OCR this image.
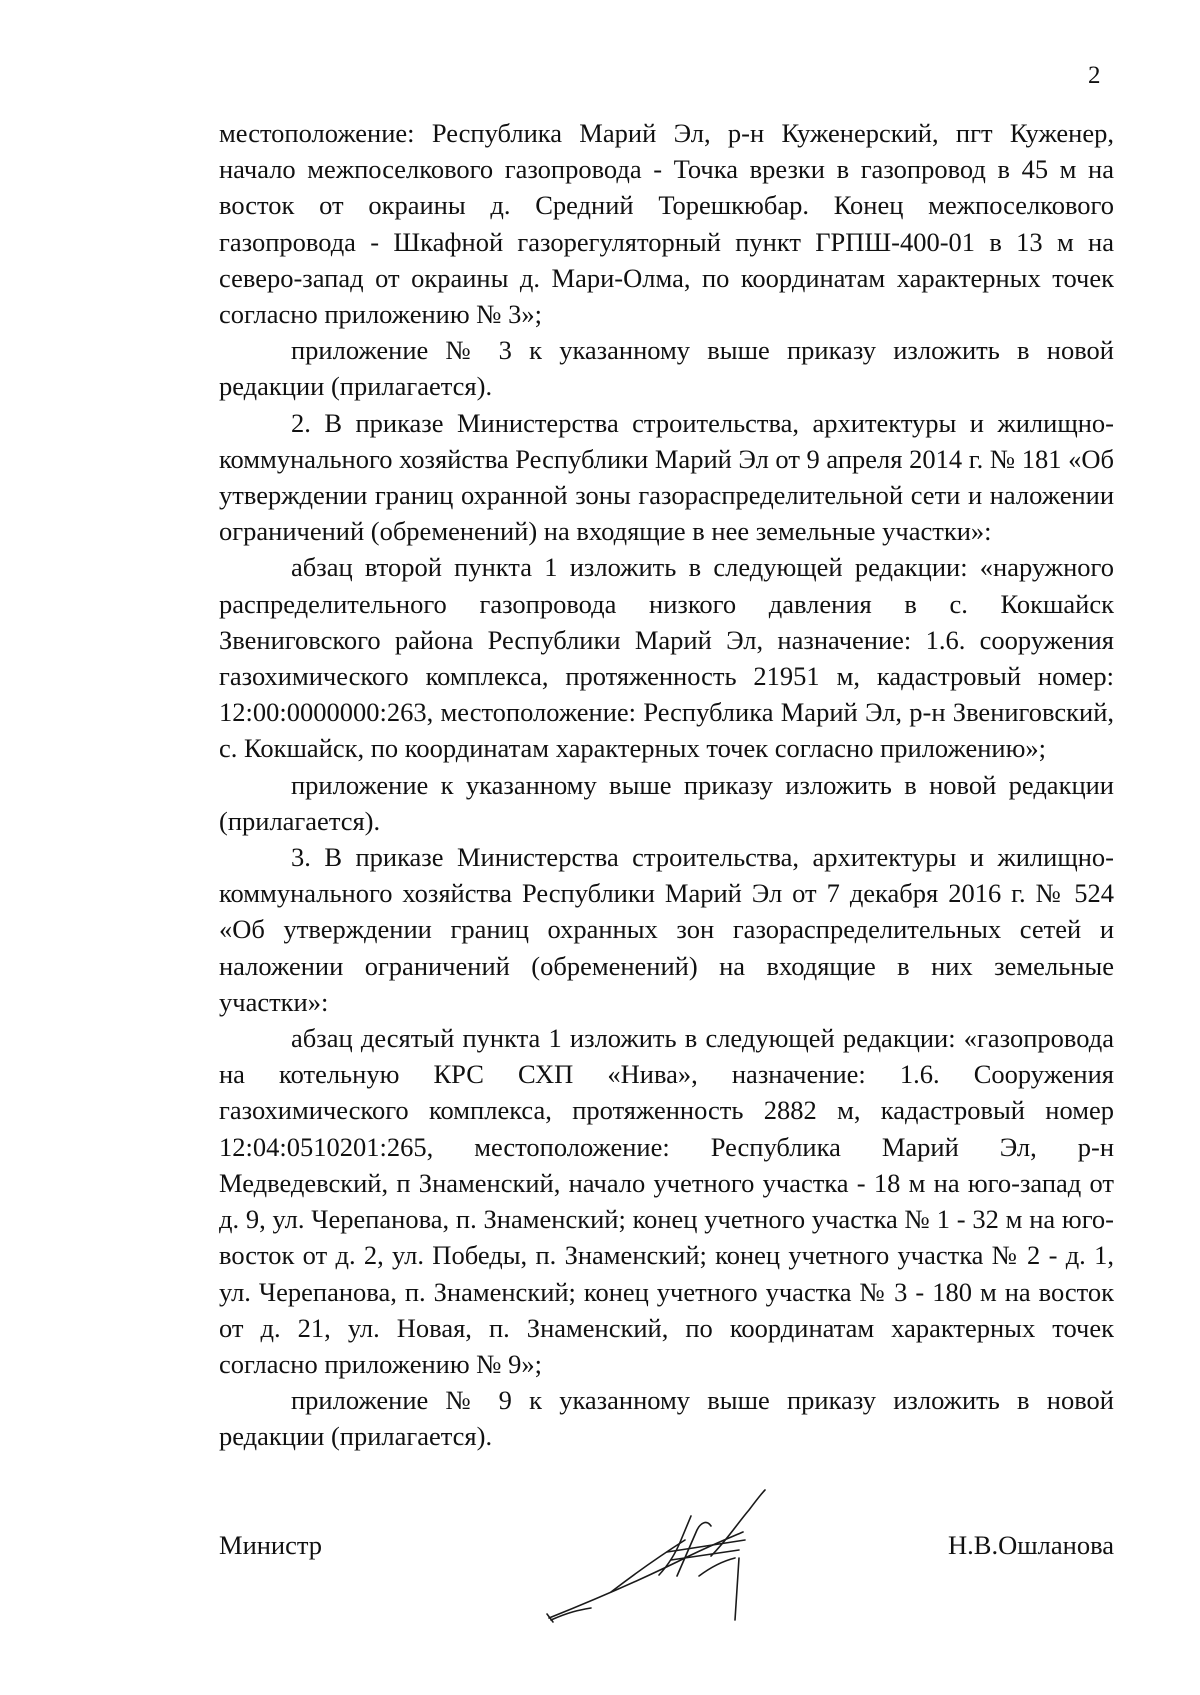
2

местоположение: Республика Марий Эл, р-н Куженерский, пгт Куженер, начало межпоселкового газопровода - Точка врезки в газопровод в 45 м на восток от окраины д. Средний Торешкюбар. Конец межпоселкового газопровода - Шкафной газорегуляторный пункт ГРПШ-400-01 в 13 м на северо-запад от окраины д. Мари-Олма, по координатам характерных точек согласно приложению № 3»;

приложение № 3 к указанному выше приказу изложить в новой редакции (прилагается).

2. В приказе Министерства строительства, архитектуры и жилищно-коммунального хозяйства Республики Марий Эл от 9 апреля 2014 г. № 181 «Об утверждении границ охранной зоны газораспределительной сети и наложении ограничений (обременений) на входящие в нее земельные участки»:

абзац второй пункта 1 изложить в следующей редакции: «наружного распределительного газопровода низкого давления в с. Кокшайск Звениговского района Республики Марий Эл, назначение: 1.6. сооружения газохимического комплекса, протяженность 21951 м, кадастровый номер: 12:00:0000000:263, местоположение: Республика Марий Эл, р-н Звениговский, с. Кокшайск, по координатам характерных точек согласно приложению»;

приложение к указанному выше приказу изложить в новой редакции (прилагается).

3. В приказе Министерства строительства, архитектуры и жилищно-коммунального хозяйства Республики Марий Эл от 7 декабря 2016 г. № 524 «Об утверждении границ охранных зон газораспределительных сетей и наложении ограничений (обременений) на входящие в них земельные участки»:

абзац десятый пункта 1 изложить в следующей редакции: «газопровода на котельную КРС СХП «Нива», назначение: 1.6. Сооружения газохимического комплекса, протяженность 2882 м, кадастровый номер 12:04:0510201:265, местоположение: Республика Марий Эл, р-н Медведевский, п Знаменский, начало учетного участка - 18 м на юго-запад от д. 9, ул. Черепанова, п. Знаменский; конец учетного участка № 1 - 32 м на юго-восток от д. 2, ул. Победы, п. Знаменский; конец учетного участка № 2 - д. 1, ул. Черепанова, п. Знаменский; конец учетного участка № 3 - 180 м на восток от д. 21, ул. Новая, п. Знаменский, по координатам характерных точек согласно приложению № 9»;

приложение № 9 к указанному выше приказу изложить в новой редакции (прилагается).

Министр	Н.В.Ошланова
